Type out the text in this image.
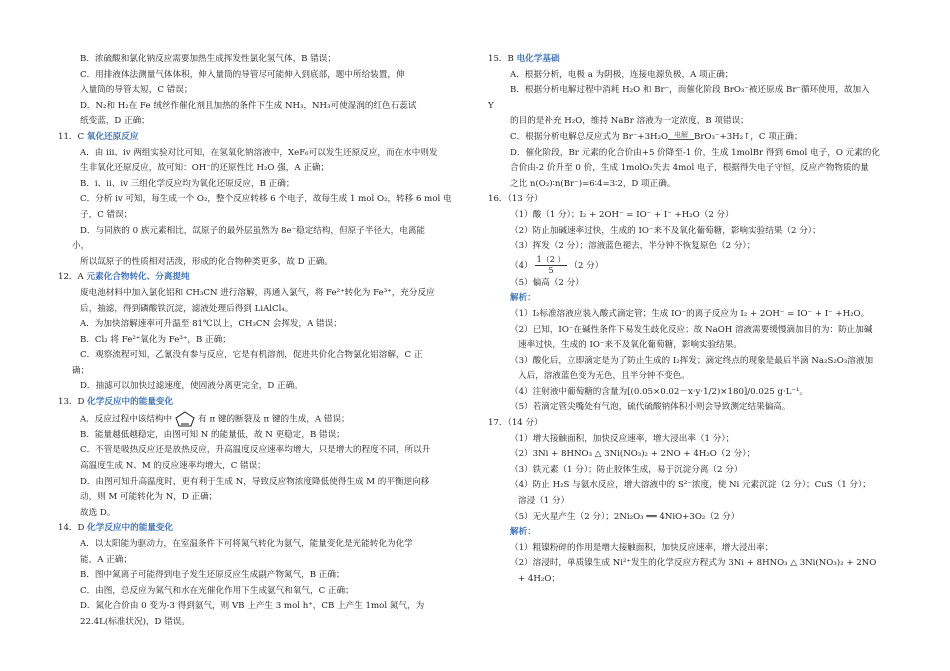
B．浓硫酸和氯化钠反应需要加热生成挥发性氯化氢气体，B 错误；
C．用排液体法测量气体体积，伸入量筒的导管尽可能伸入到底部，题中所给装置，伸
入量筒的导管太短，C 错误；
D．N₂和 H₂在 Fe 绒丝作催化剂且加热的条件下生成 NH₃，NH₃可使湿润的红色石蕊试
纸变蓝，D 正确；
11．C 氧化还原反应
A．由 iii、iv 两组实验对比可知，在氢氧化钠溶液中，XeF₆可以发生还原反应，而在水中则发
生非氧化还原反应，故可知：OH⁻的还原性比 H₂O 强，A 正确；
B．i、ii、iv 三组化学反应均为氧化还原反应，B 正确；
C．分析 iv 可知，每生成一个 O₂，整个反应转移 6 个电子，故每生成 1 mol O₂，转移 6 mol 电
子，C 错误；
D．与同族的 0 族元素相比，氙原子的最外层虽然为 8e⁻稳定结构，但原子半径大，电离能
小，
所以氙原子的性质相对活泼，形成的化合物种类更多，故 D 正确。
12．A 元素化合物转化、分离提纯
废电池材料中加入氯化铝和 CH₃CN 进行溶解，再通入氯气，将 Fe²⁺转化为 Fe³⁺，充分反应
后，抽滤，得到磷酸铁沉淀，滤液处理后得到 LiAlCl₄。
A．为加快溶解速率可升温至 81℃以上，CH₃CN 会挥发，A 错误；
B．Cl₂ 将 Fe²⁺氧化为 Fe³⁺，B 正确；
C．观察流程可知，乙氰没有参与反应，它是有机溶剂，促进共价化合物氯化铝溶解，C 正
确；
D．抽滤可以加快过滤速度，使固液分离更完全，D 正确。
13．D 化学反应中的能量变化
A．反应过程中该结构中	有 π 键的断裂及 π 键的生成，A 错误；
B．能量越低越稳定，由图可知 N 的能量低，故 N 更稳定，B 错误；
C．不管是吸热反应还是放热反应，升高温度反应速率均增大，只是增大的程度不同，所以升
高温度生成 N、M 的反应速率均增大，C 错误；
D．由图可知升高温度时，更有利于生成 N，导致反应物浓度降低使得生成 M 的平衡逆向移
动，则 M 可能转化为 N，D 正确；
故选 D。
14．D 化学反应中的能量变化
A．以太阳能为驱动力，在室温条件下可将氮气转化为氨气，能量变化是光能转化为化学
能，A 正确；
B．图中氮离子可能得到电子发生还原反应生成副产物氮气，B 正确；
C．由图，总反应为氮气和水在光催化作用下生成氨气和氧气，C 正确；
D．氮化合价由 0 变为-3 得到氨气，则 VB 上产生 3 mol h⁺，CB 上产生 1mol 氮气，为
22.4L(标准状况)，D 错误。
15．B 电化学基础
A．根据分析，电极 a 为阴极，连接电源负极，A 项正确；
B．根据分析电解过程中消耗 H₂O 和 Br⁻，而催化阶段 BrO₃⁻被还原成 Br⁻循环使用，故加入
Y
的目的是补充 H₂O，维持 NaBr 溶液为一定浓度，B 项错误；
C．根据分析电解总反应式为 Br⁻+3H₂O 电解 BrO₃⁻+3H₂↑，C 项正确；
D．催化阶段，Br 元素的化合价由+5 价降至-1 价，生成 1molBr 得到 6mol 电子，O 元素的化
合价由-2 价升至 0 价，生成 1molO₂失去 4mol 电子，根据得失电子守恒，反应产物物质的量
之比 n(O₂)∶n(Br⁻)=6∶4=3∶2，D 项正确。
16．（13 分）
（1）酸（1 分）；I₂ + 2OH⁻ = IO⁻ + I⁻ +H₂O（2 分）
（2）防止加碱速率过快，生成的 IO⁻来不及氧化葡萄糖，影响实验结果（2 分）；
（3）挥发（2 分）；溶液蓝色褪去，半分钟不恢复原色（2 分）；
$(4) \frac{1(2 )}{5} (2$ 分）
（5）偏高（2 分）
解析：
（1）I₂标准溶液应装入酸式滴定管；生成 IO⁻的离子反应为 I₂ + 2OH⁻ = IO⁻ + I⁻ +H₂O。
（2）已知，IO⁻在碱性条件下易发生歧化反应；故 NaOH 溶液需要缓慢滴加目的为：防止加碱
速率过快，生成的 IO⁻来不及氧化葡萄糖，影响实验结果。
（3）酸化后，立即滴定是为了防止生成的 I₂挥发；滴定终点的现象是最后半滴 Na₂S₂O₃溶液加
入后，溶液蓝色变为无色，且半分钟不变色。
（4）注射液中葡萄糖的含量为[(0.05×0.02－x·y·1/2)×180]/0.025 g·L⁻¹。
（5）若滴定管尖嘴处有气泡，硫代硫酸钠体积小则会导致测定结果偏高。
17．（14 分）
（1）增大接触面积，加快反应速率，增大浸出率（1 分）；
（2）3Ni + 8HNO₃ △ 3Ni(NO₃)₂ + 2NO + 4H₂O（2 分）；
（3）铁元素（1 分）；防止胶体生成，易于沉淀分离（2 分）
（4）防止 H₂S 与氨水反应，增大溶液中的 S²⁻浓度，使 Ni 元素沉淀（2 分）；CuS（1 分）；
溶浸（1 分）
（5）无火星产生（2 分）；2Ni₂O₃ ══ 4NiO+3O₂（2 分）
解析：
（1）粗镍粉碎的作用是增大接触面积，加快反应速率，增大浸出率；
（2）溶浸时，单质镍生成 Ni²⁺发生的化学反应方程式为 3Ni + 8HNO₃ △ 3Ni(NO₃)₂ + 2NO
+ 4H₂O；
